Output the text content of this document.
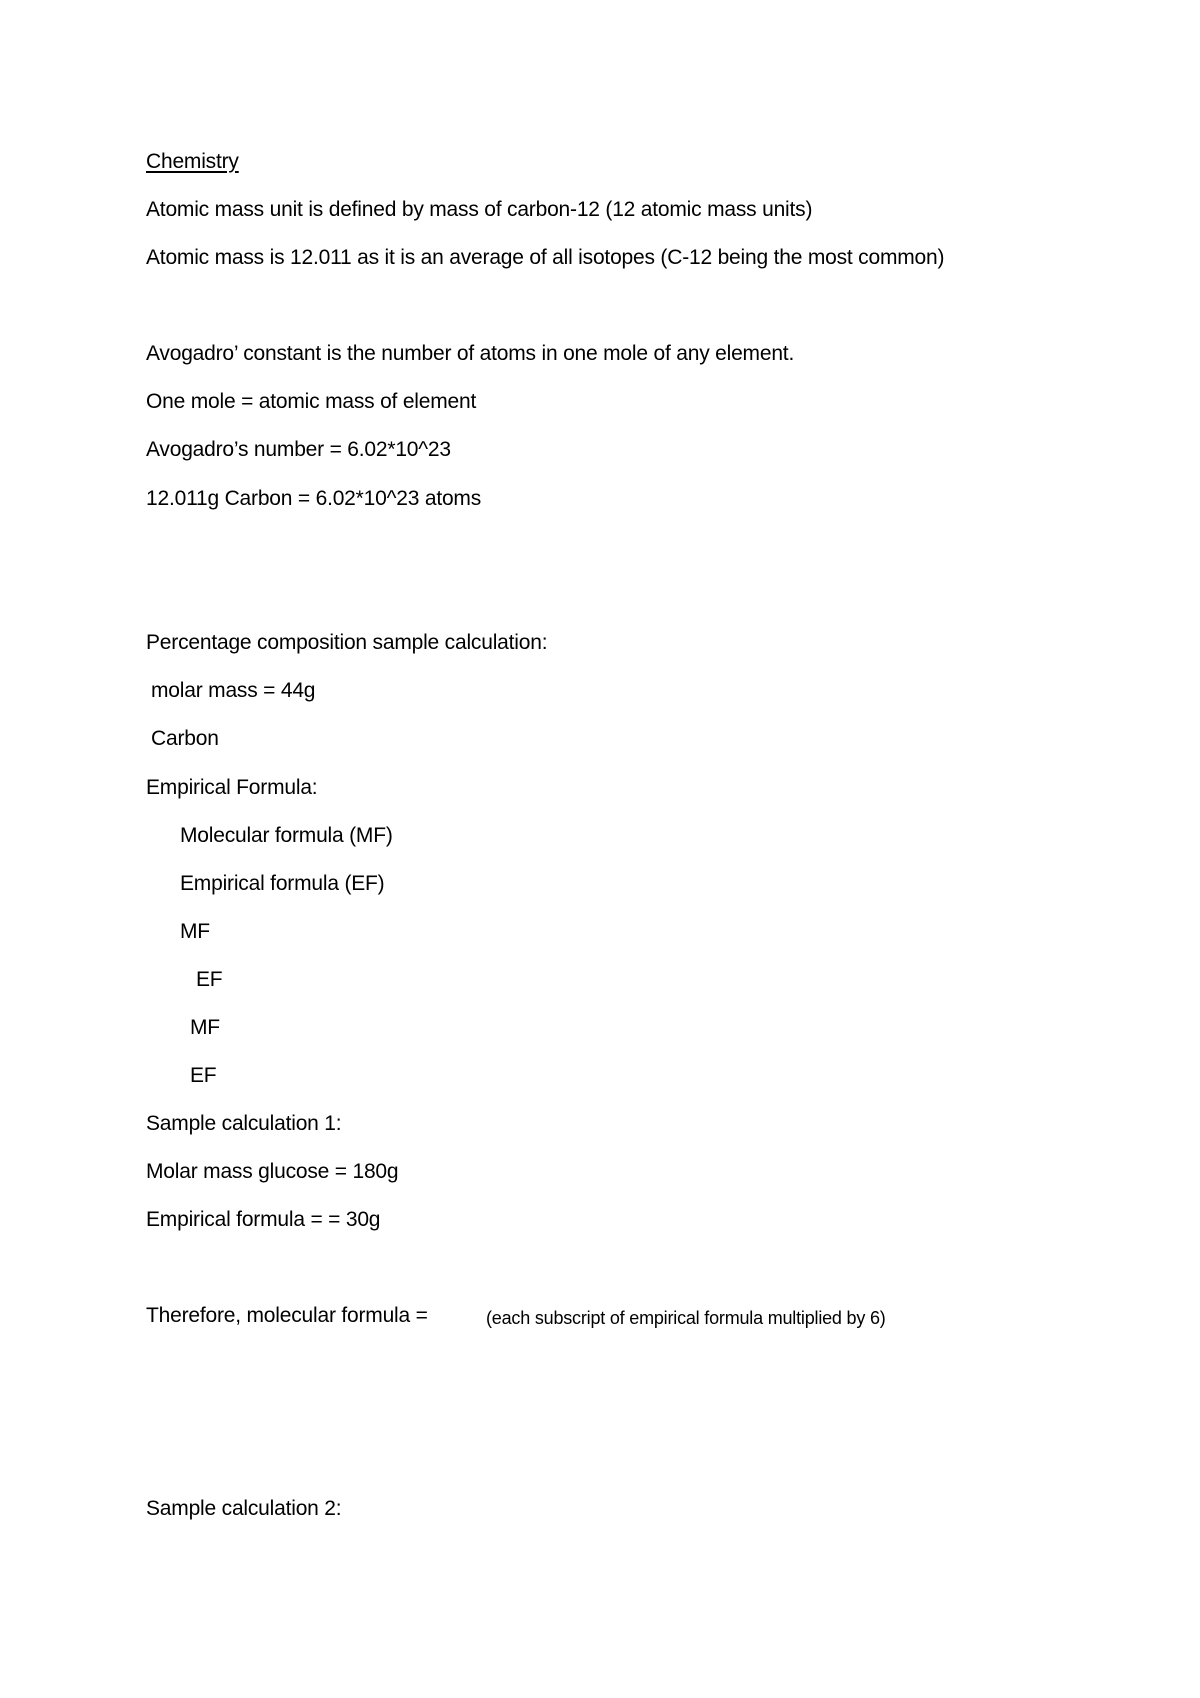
Chemistry
Atomic mass unit is defined by mass of carbon-12 (12 atomic mass units)
Atomic mass is 12.011 as it is an average of all isotopes (C-12 being the most common)
Avogadro’ constant is the number of atoms in one mole of any element.
One mole = atomic mass of element
Avogadro’s number = 6.02*10^23
12.011g Carbon = 6.02*10^23 atoms
Percentage composition sample calculation:
molar mass = 44g
Carbon
Empirical Formula:
Molecular formula (MF)
Empirical formula (EF)
MF
EF
MF
EF
Sample calculation 1:
Molar mass glucose = 180g
Empirical formula = = 30g
Therefore, molecular formula =	(each subscript of empirical formula multiplied by 6)
Sample calculation 2:
